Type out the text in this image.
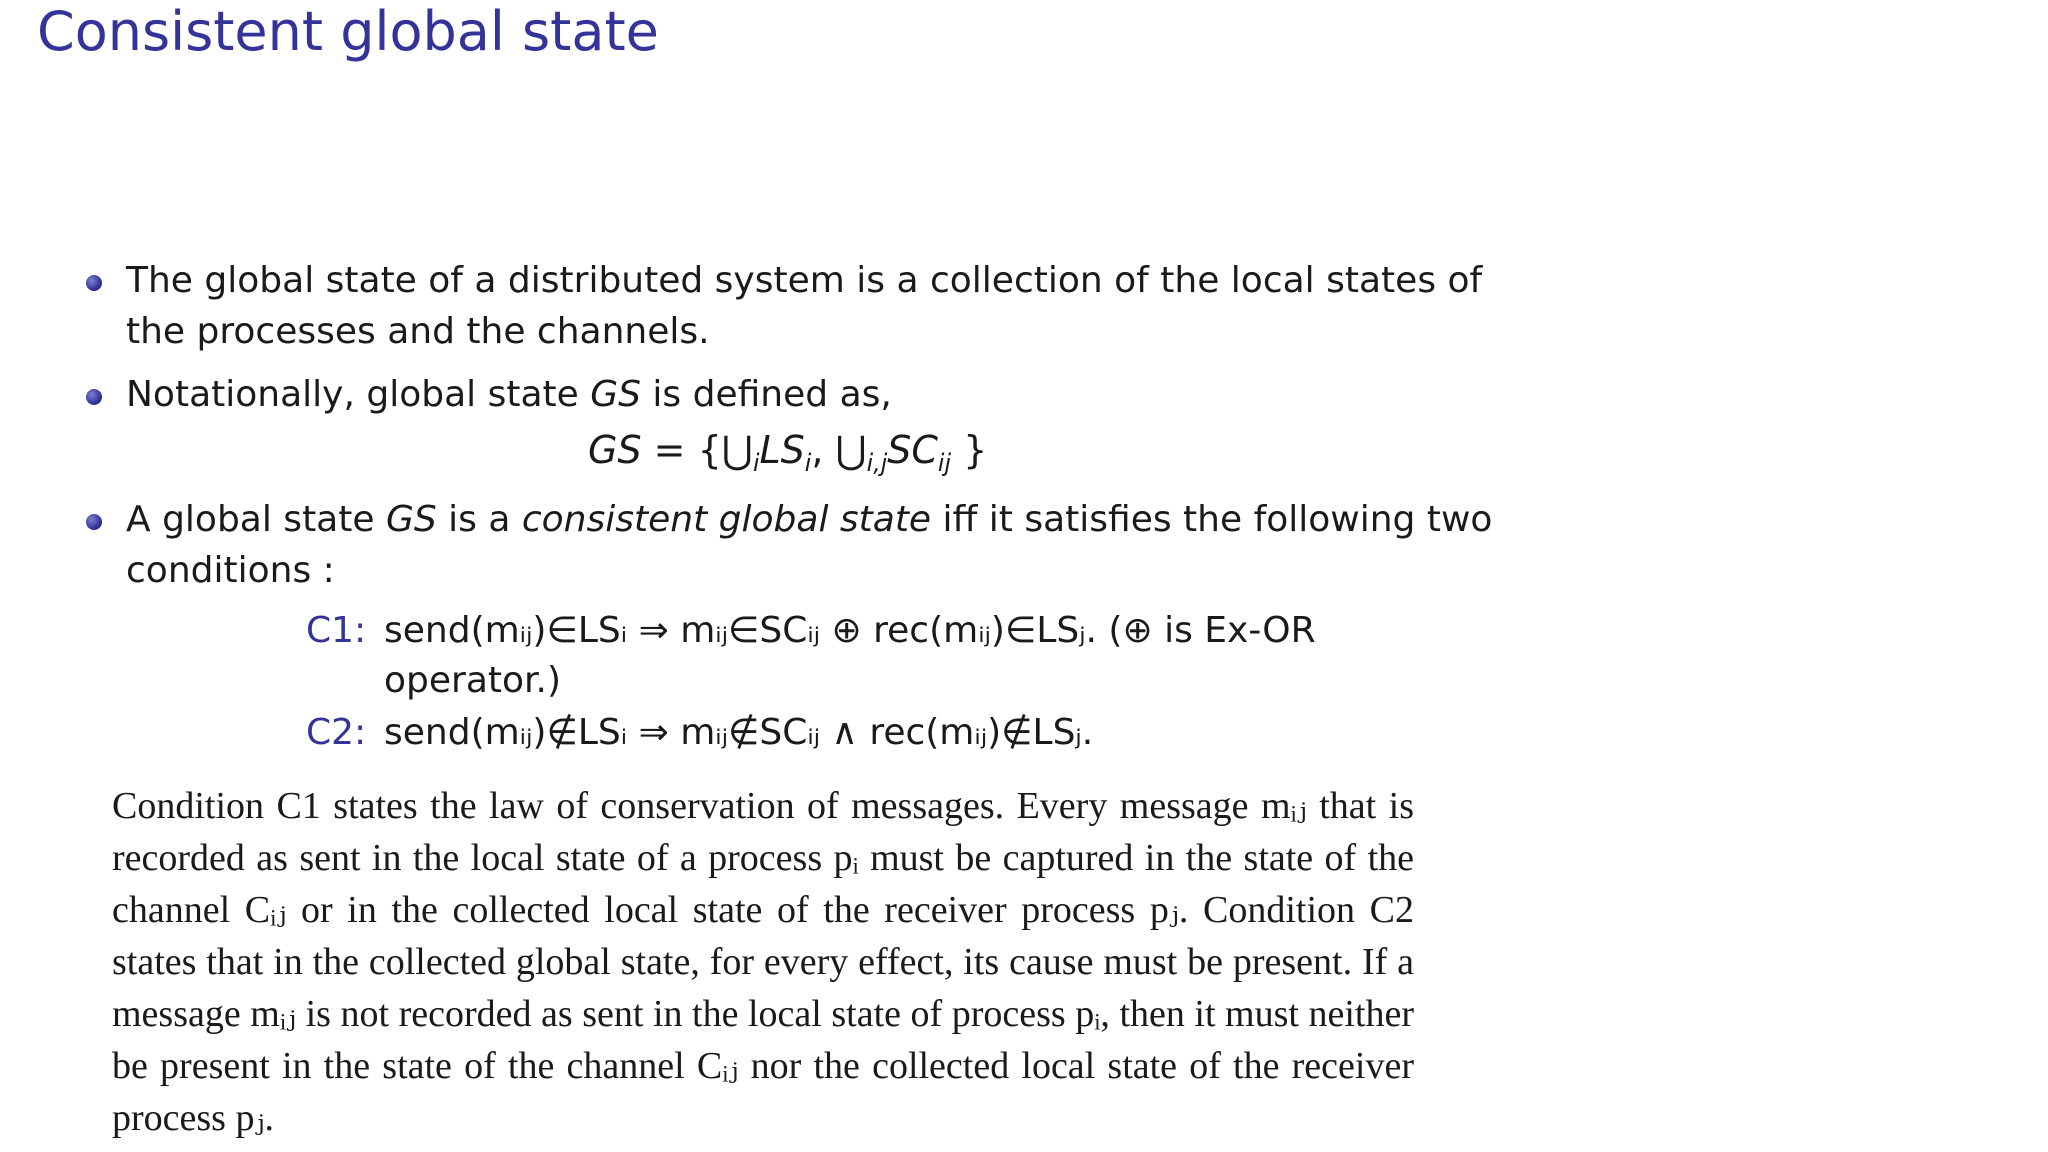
Consistent global state
The global state of a distributed system is a collection of the local states of the processes and the channels.
Notationally, global state GS is defined as,
GS = {$⋃_iLS_i$, $⋃_{i,j}SC_{ij}$ }
A global state GS is a consistent global state iff it satisfies the following two conditions :
C1: send(mᵢⱼ)∈LSᵢ ⇒ mᵢⱼ∈SCᵢⱼ ⊕ rec(mᵢⱼ)∈LSⱼ. (⊕ is Ex-OR
operator.)
C2: send(mᵢⱼ)∉LSᵢ ⇒ mᵢⱼ∉SCᵢⱼ ∧ rec(mᵢⱼ)∉LSⱼ.
Condition C1 states the law of conservation of messages. Every message mᵢⱼ that is recorded as sent in the local state of a process pᵢ must be captured in the state of the channel Cᵢⱼ or in the collected local state of the receiver process pⱼ. Condition C2 states that in the collected global state, for every effect, its cause must be present. If a message mᵢⱼ is not recorded as sent in the local state of process pᵢ, then it must neither be present in the state of the channel Cᵢⱼ nor the collected local state of the receiver process pⱼ.
